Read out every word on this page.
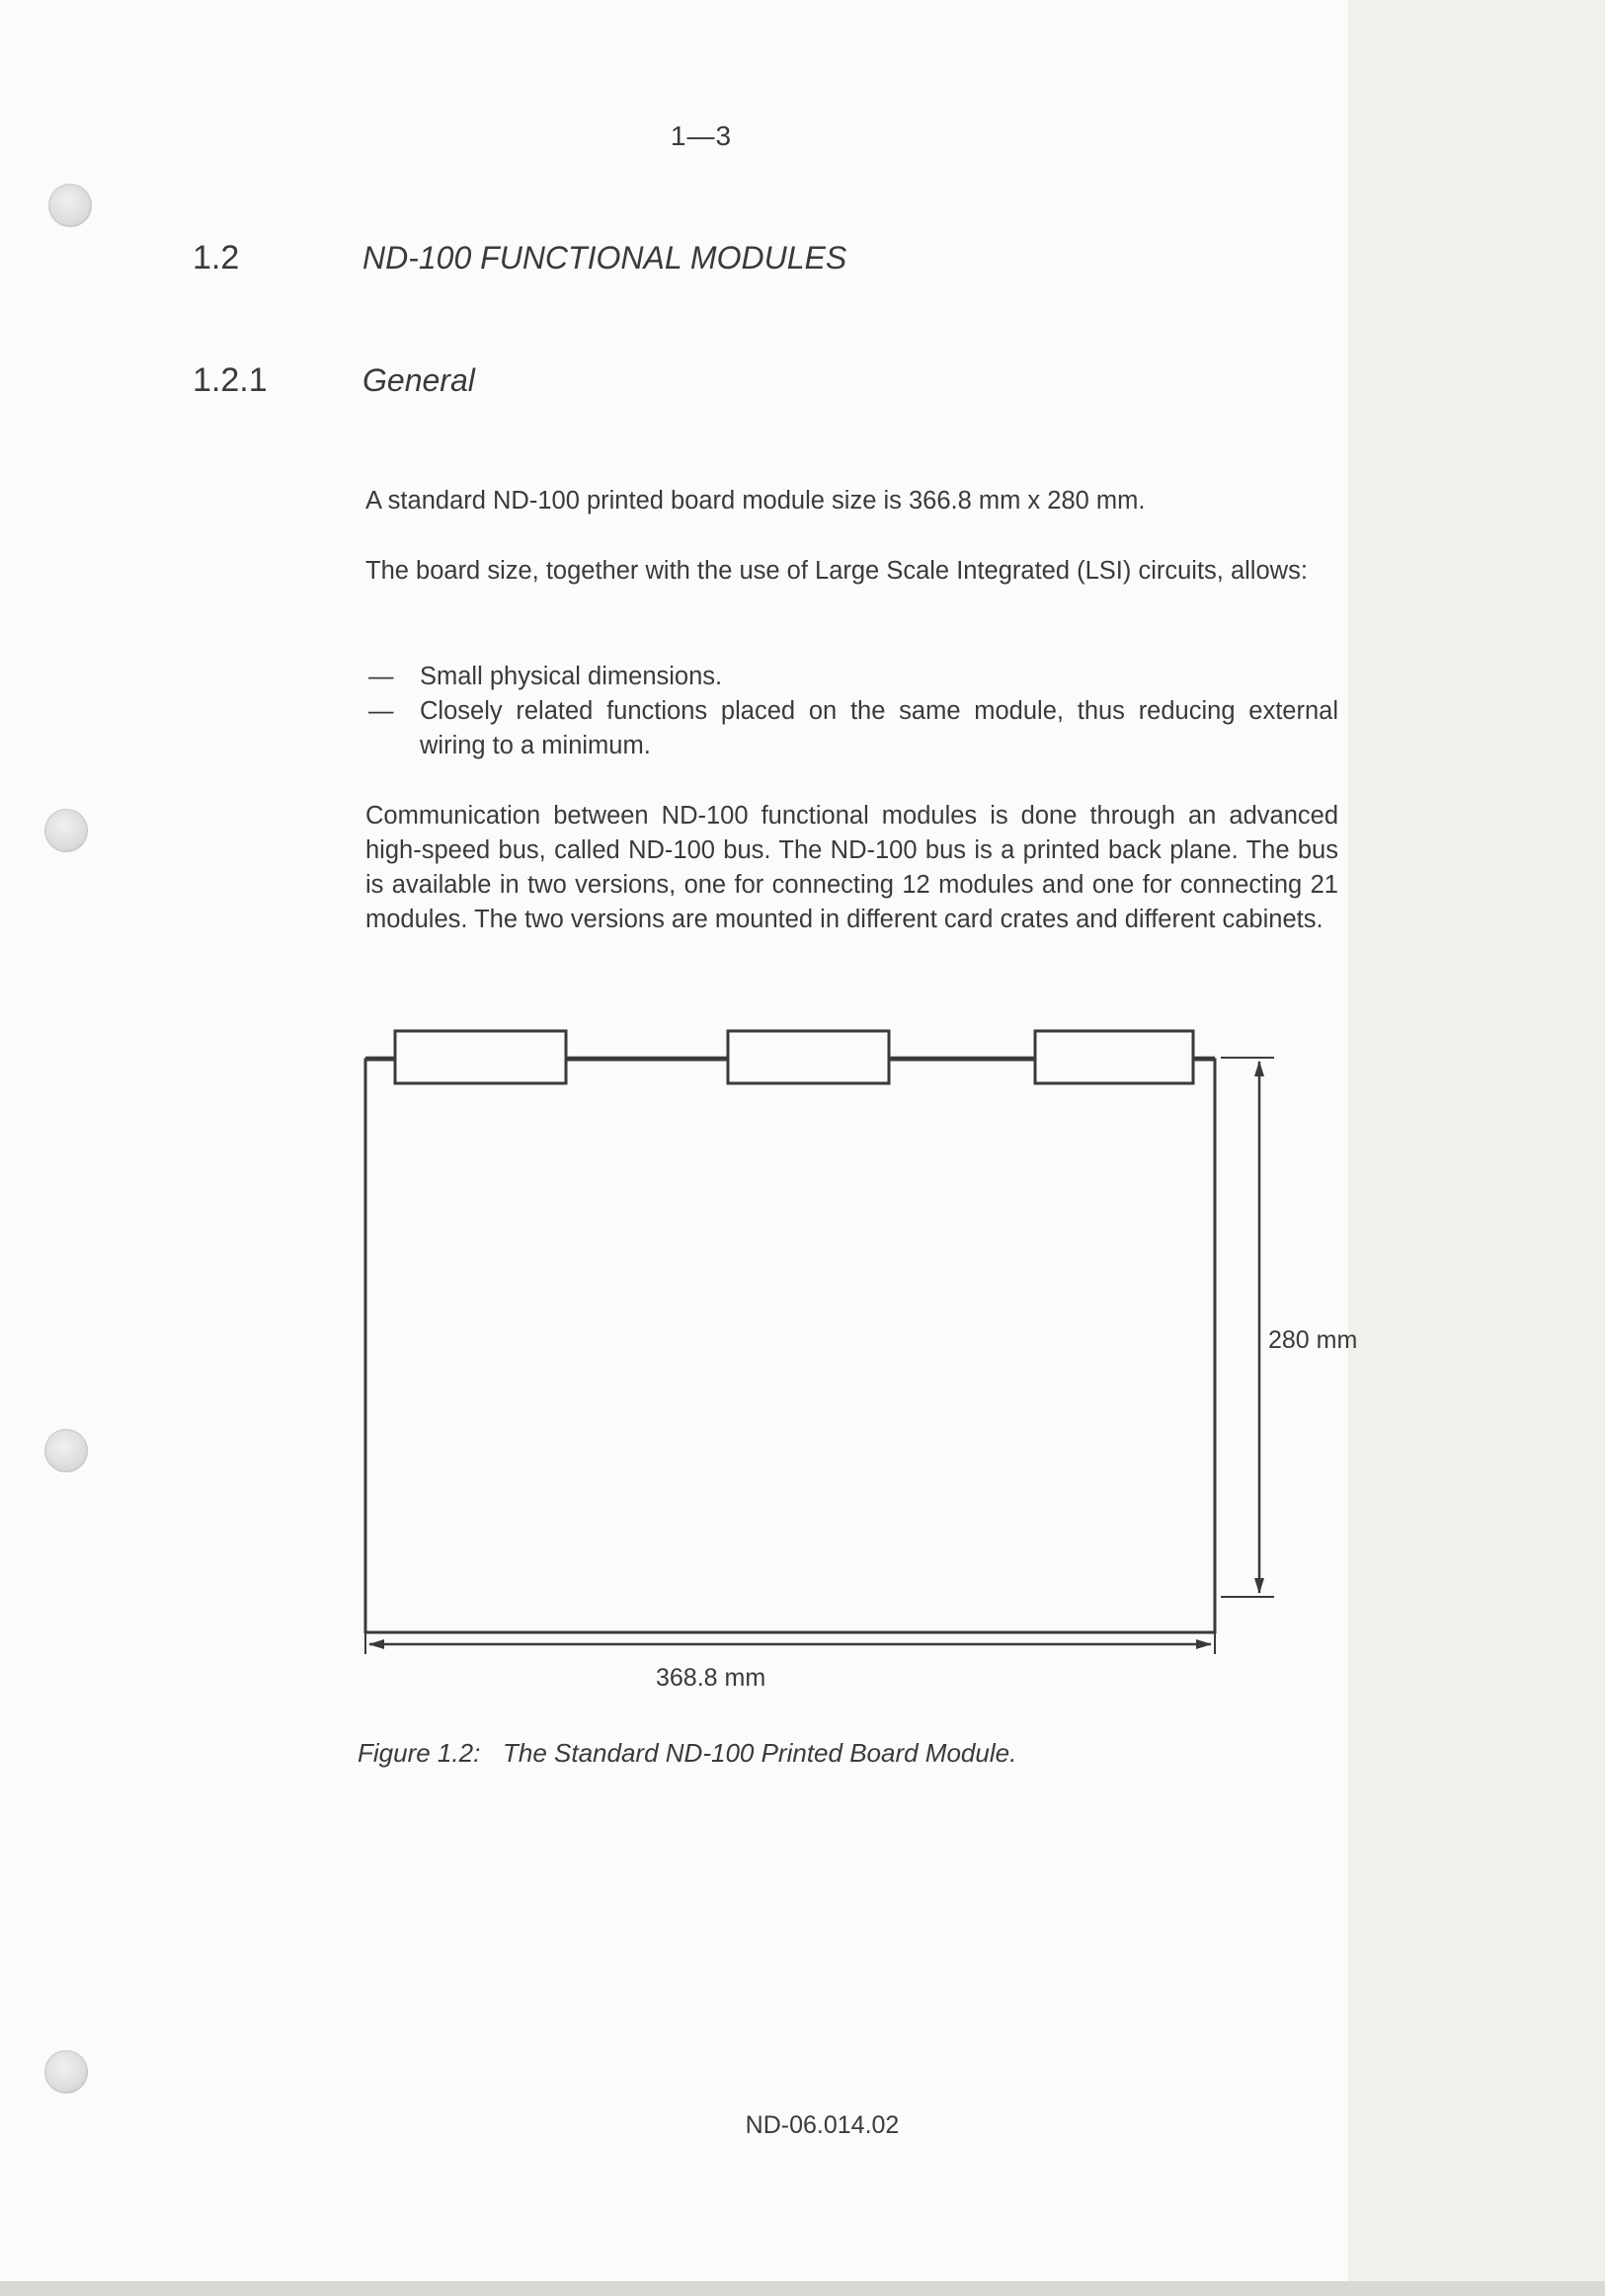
1—3
1.2	ND-100 FUNCTIONAL MODULES
1.2.1	General
A standard ND-100 printed board module size is 366.8 mm x 280 mm.
The board size, together with the use of Large Scale Integrated (LSI) circuits, allows:
— Small physical dimensions.
— Closely related functions placed on the same module, thus reducing external wiring to a minimum.
Communication between ND-100 functional modules is done through an advanced high-speed bus, called ND-100 bus. The ND-100 bus is a printed back plane. The bus is available in two versions, one for connecting 12 modules and one for connecting 21 modules. The two versions are mounted in different card crates and different cabinets.
280 mm
368.8 mm
Figure 1.2: The Standard ND-100 Printed Board Module.
ND-06.014.02
